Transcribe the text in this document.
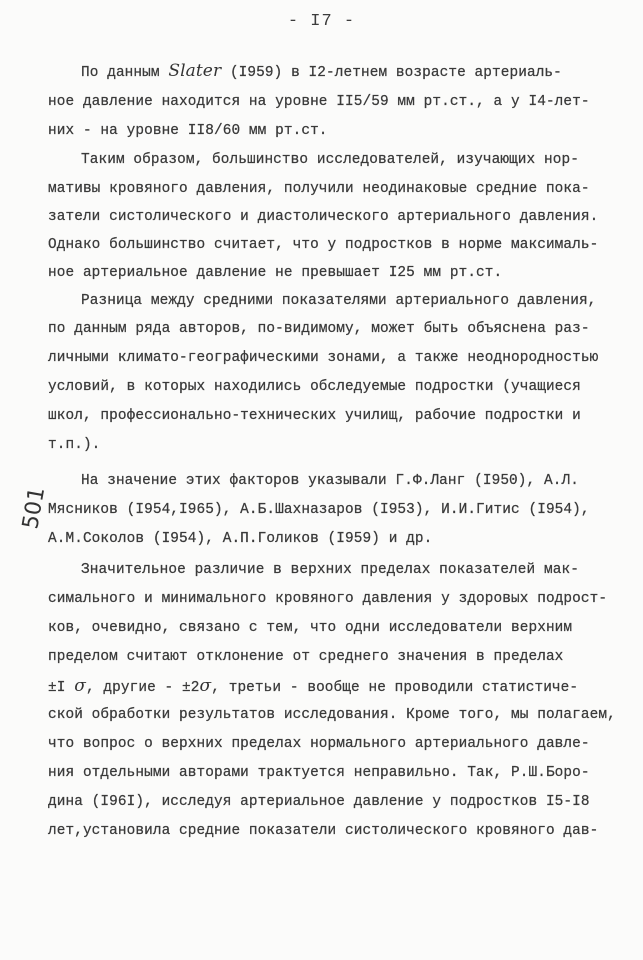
- I7 -
По данным Slater (I959) в I2-летнем возрасте артериаль-
ное давление находится на уровне II5/59 мм рт.ст., а у I4-лет-
них - на уровне II8/60 мм рт.ст.
Таким образом, большинство исследователей, изучающих нор-
мативы кровяного давления, получили неодинаковые средние пока-
затели систолического и диастолического артериального давления.
Однако большинство считает, что у подростков в норме максималь-
ное артериальное давление не превышает I25 мм рт.ст.
Разница между средними показателями артериального давления,
по данным ряда авторов, по-видимому, может быть объяснена раз-
личными климато-географическими зонами, а также неоднородностью
условий, в которых находились обследуемые подростки (учащиеся
школ, профессионально-технических училищ, рабочие подростки и
т.п.).
На значение этих факторов указывали Г.Ф.Ланг (I950), А.Л.
Мясников (I954,I965), А.Б.Шахназаров (I953), И.И.Гитис (I954),
А.М.Соколов (I954), А.П.Голиков (I959) и др.
Значительное различие в верхних пределах показателей мак-
симального и минимального кровяного давления у здоровых подрост-
ков, очевидно, связано с тем, что одни исследователи верхним
пределом считают отклонение от среднего значения в пределах
±I σ, другие - ±2σ, третьи - вообще не проводили статистиче-
ской обработки результатов исследования. Кроме того, мы полагаем,
что вопрос о верхних пределах нормального артериального давле-
ния отдельными авторами трактуется неправильно. Так, Р.Ш.Боро-
дина (I96I), исследуя артериальное давление у подростков I5-I8
лет,установила средние показатели систолического кровяного дав-
501
